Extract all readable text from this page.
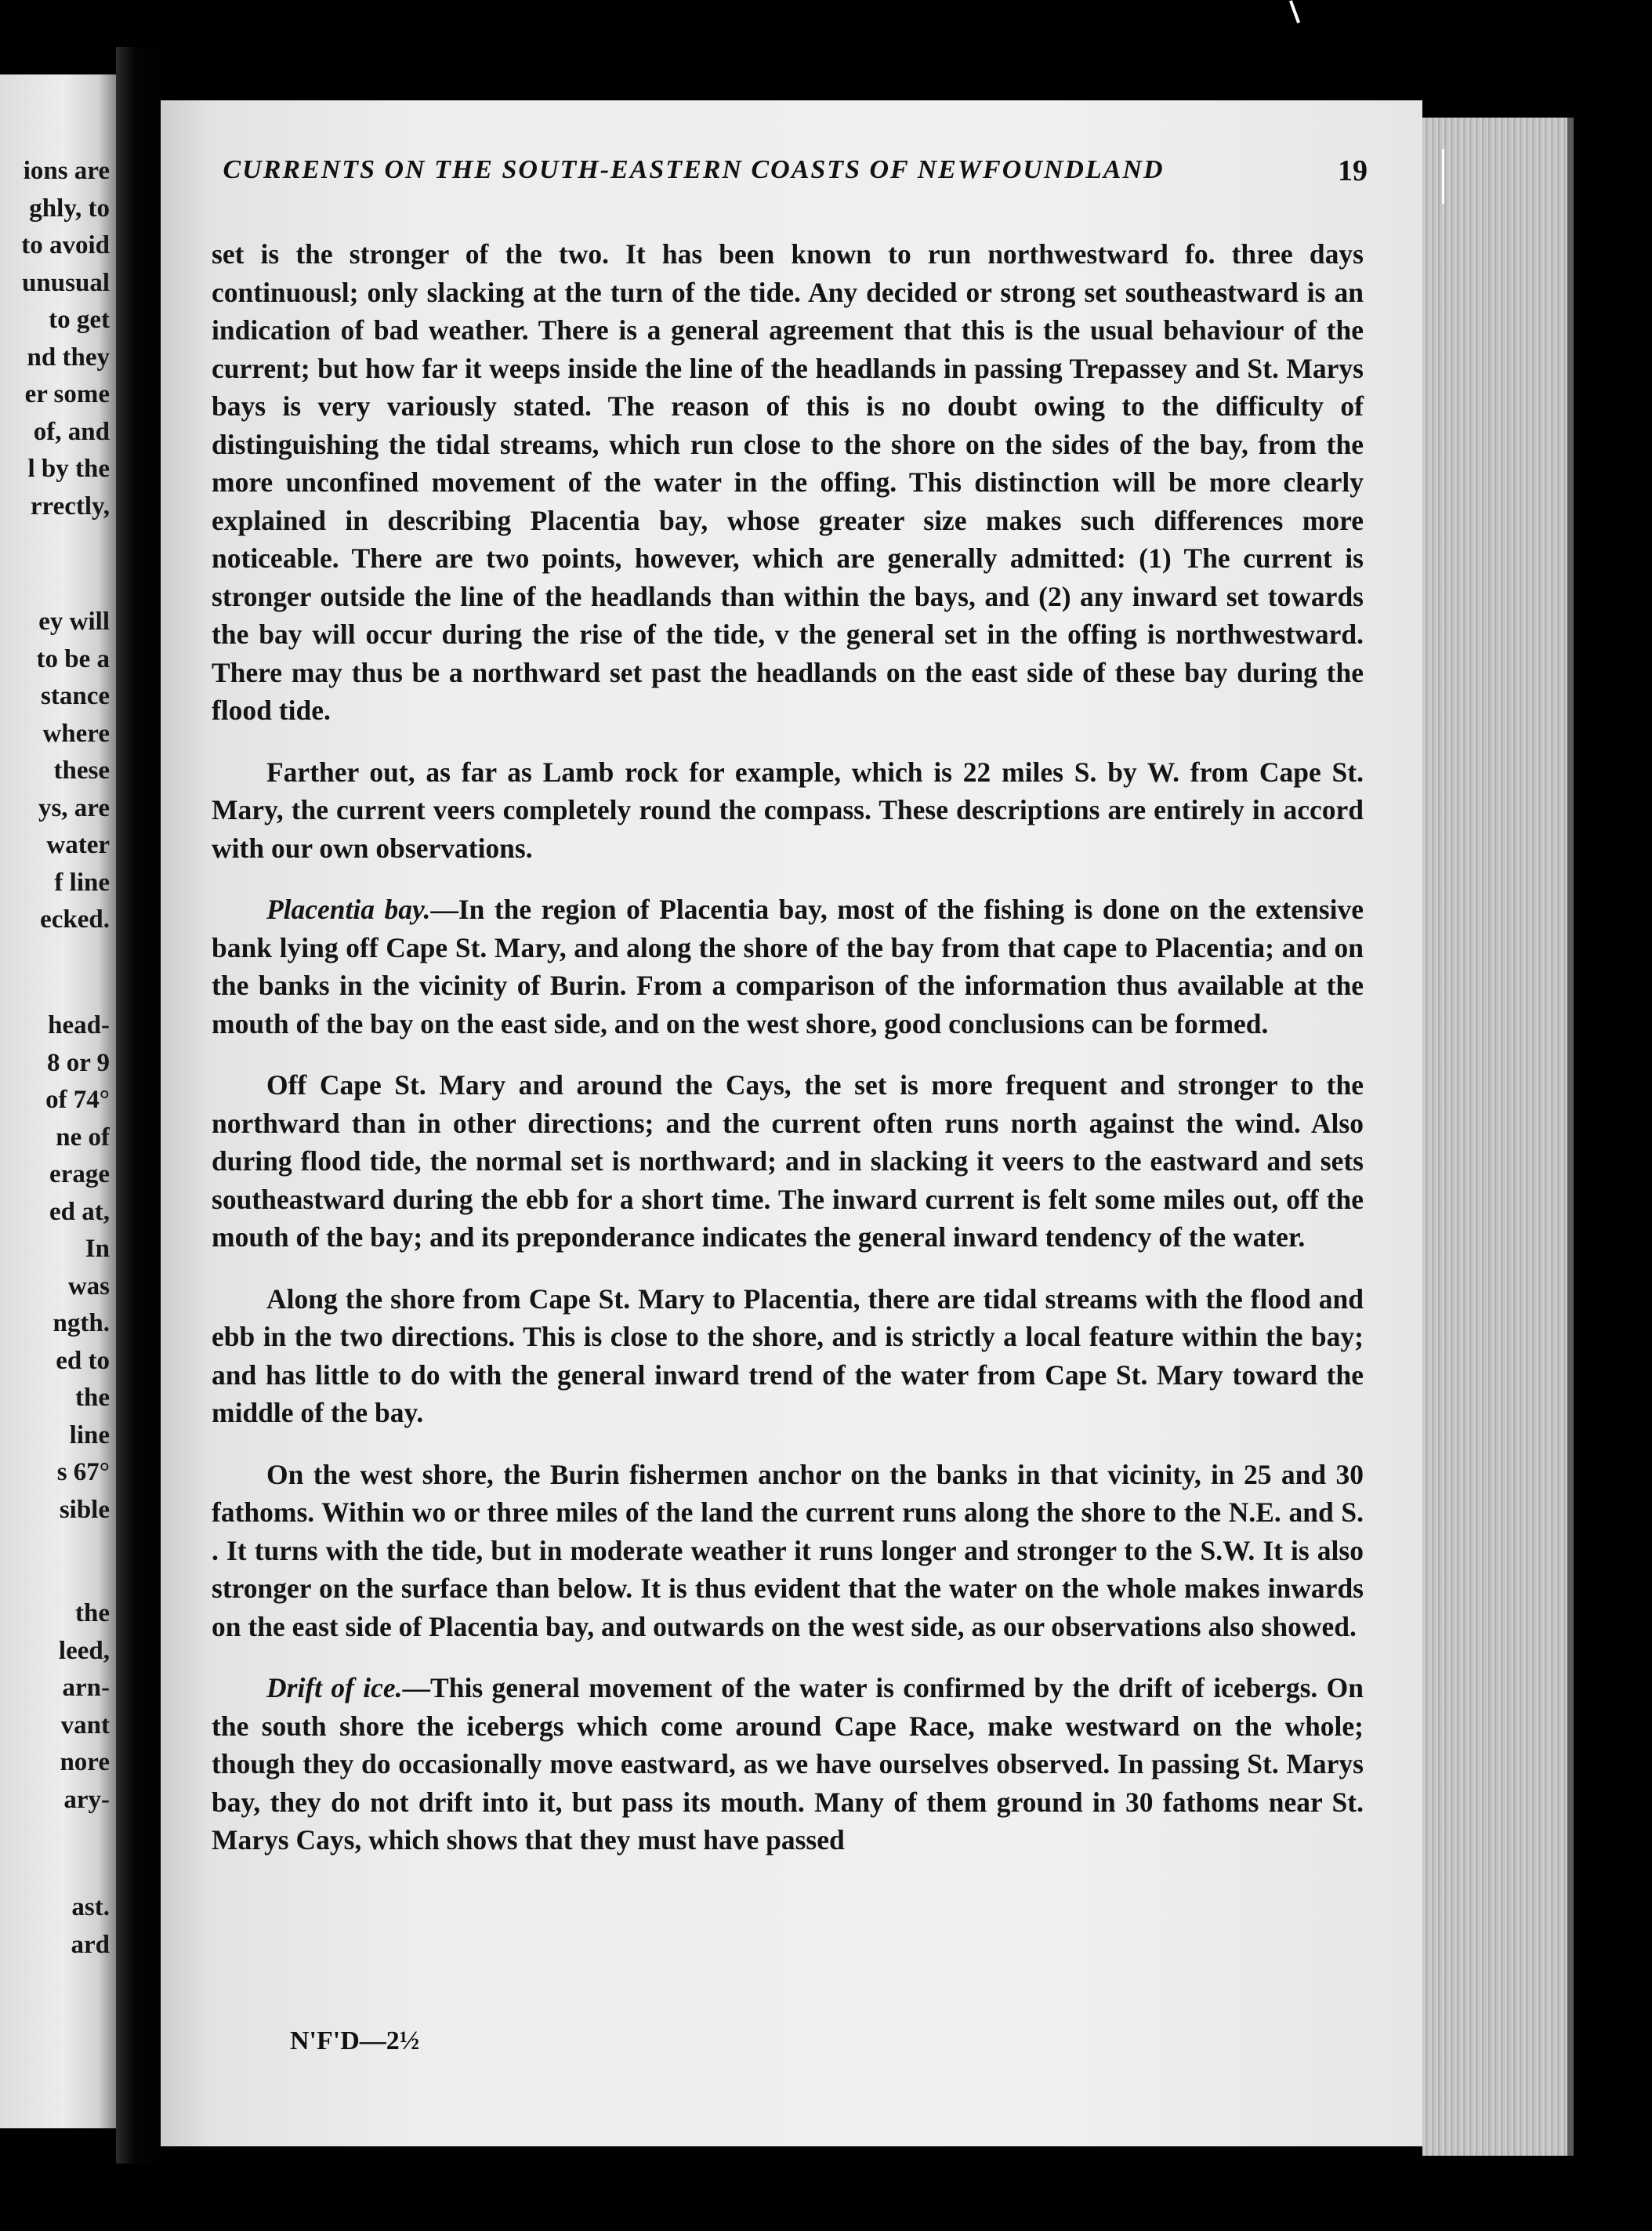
ions are
ghly, to
to avoid
unusual
to get
nd they
er some
of, and
l by the
rrectly,
ey will
to be a
stance
where
these
ys, are
water
f line
ecked.
head-
8 or 9
of 74°
ne of
erage
ed at,
In
was
ngth.
ed to
the
line
s 67°
sible
the
leed,
arn-
vant
nore
ary-
ast.
ard
CURRENTS ON THE SOUTH-EASTERN COASTS OF NEWFOUNDLAND	19

set is the stronger of the two. It has been known to run northwestward fo. three days continuousl; only slacking at the turn of the tide. Any decided or strong set southeastward is an indication of bad weather. There is a general agreement that this is the usual behaviour of the current; but how far it weeps inside the line of the headlands in passing Trepassey and St. Marys bays is very variously stated. The reason of this is no doubt owing to the difficulty of distinguishing the tidal streams, which run close to the shore on the sides of the bay, from the more unconfined movement of the water in the offing. This distinction will be more clearly explained in describing Placentia bay, whose greater size makes such differences more noticeable. There are two points, however, which are generally admitted: (1) The current is stronger outside the line of the headlands than within the bays, and (2) any inward set towards the bay will occur during the rise of the tide, v the general set in the offing is northwestward. There may thus be a northward set past the headlands on the east side of these bay during the flood tide.

Farther out, as far as Lamb rock for example, which is 22 miles S. by W. from Cape St. Mary, the current veers completely round the compass. These descriptions are entirely in accord with our own observations.

Placentia bay.—In the region of Placentia bay, most of the fishing is done on the extensive bank lying off Cape St. Mary, and along the shore of the bay from that cape to Placentia; and on the banks in the vicinity of Burin. From a comparison of the information thus available at the mouth of the bay on the east side, and on the west shore, good conclusions can be formed.

Off Cape St. Mary and around the Cays, the set is more frequent and stronger to the northward than in other directions; and the current often runs north against the wind. Also during flood tide, the normal set is northward; and in slacking it veers to the eastward and sets southeastward during the ebb for a short time. The inward current is felt some miles out, off the mouth of the bay; and its preponderance indicates the general inward tendency of the water.

Along the shore from Cape St. Mary to Placentia, there are tidal streams with the flood and ebb in the two directions. This is close to the shore, and is strictly a local feature within the bay; and has little to do with the general inward trend of the water from Cape St. Mary toward the middle of the bay.

On the west shore, the Burin fishermen anchor on the banks in that vicinity, in 25 and 30 fathoms. Within wo or three miles of the land the current runs along the shore to the N.E. and S. . It turns with the tide, but in moderate weather it runs longer and stronger to the S.W. It is also stronger on the surface than below. It is thus evident that the water on the whole makes inwards on the east side of Placentia bay, and outwards on the west side, as our observations also showed.

Drift of ice.—This general movement of the water is confirmed by the drift of icebergs. On the south shore the icebergs which come around Cape Race, make westward on the whole; though they do occasionally move eastward, as we have ourselves observed. In passing St. Marys bay, they do not drift into it, but pass its mouth. Many of them ground in 30 fathoms near St. Marys Cays, which shows that they must have passed

N'F'D—2½
